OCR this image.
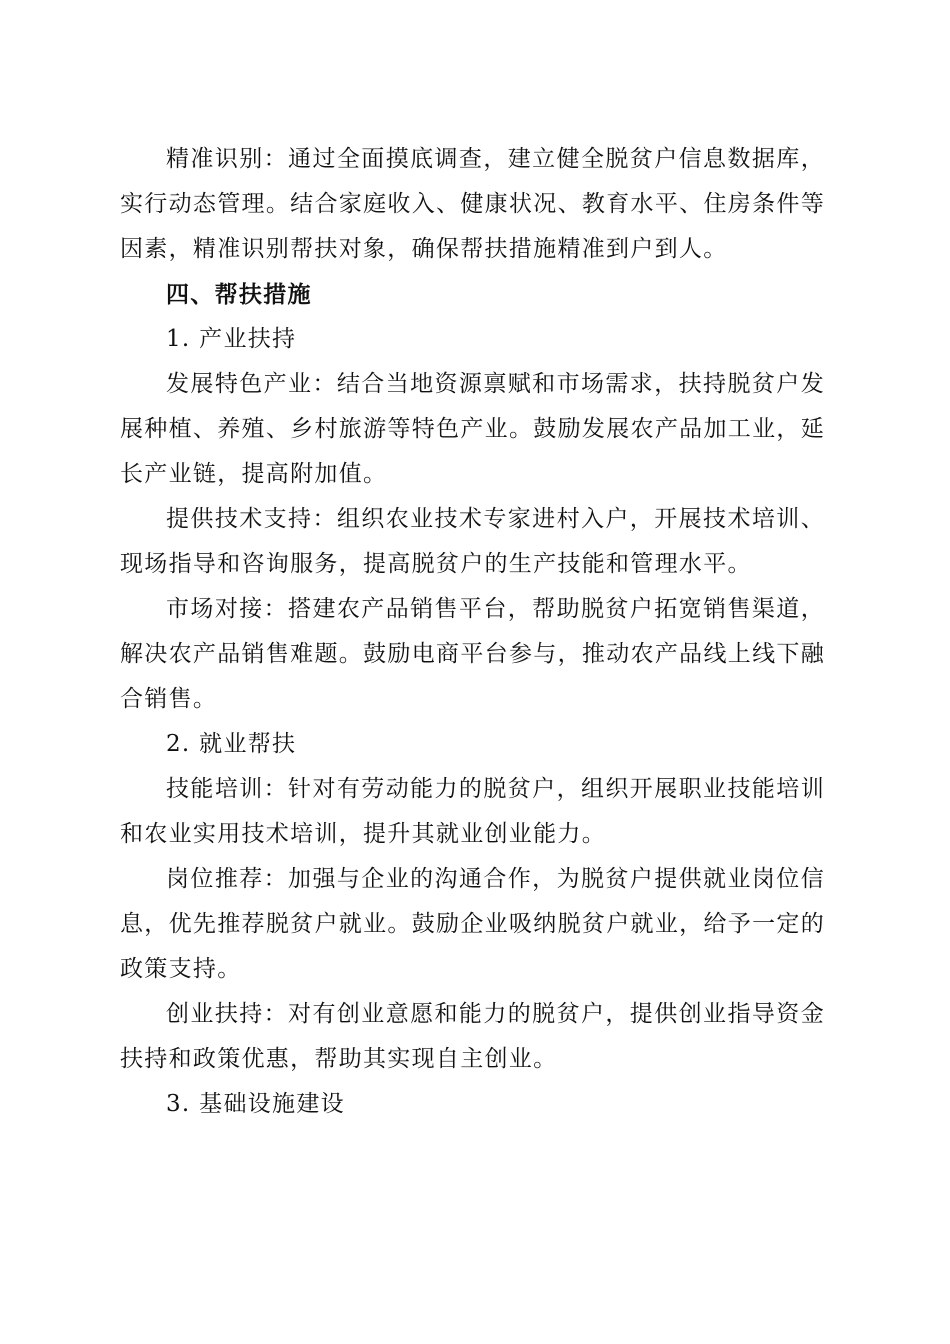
精准识别：通过全面摸底调查，建立健全脱贫户信息数据库，实行动态管理。结合家庭收入、健康状况、教育水平、住房条件等因素，精准识别帮扶对象，确保帮扶措施精准到户到人。

四、帮扶措施

1. 产业扶持

发展特色产业：结合当地资源禀赋和市场需求，扶持脱贫户发展种植、养殖、乡村旅游等特色产业。鼓励发展农产品加工业，延长产业链，提高附加值。

提供技术支持：组织农业技术专家进村入户，开展技术培训、现场指导和咨询服务，提高脱贫户的生产技能和管理水平。

市场对接：搭建农产品销售平台，帮助脱贫户拓宽销售渠道，解决农产品销售难题。鼓励电商平台参与，推动农产品线上线下融合销售。

2. 就业帮扶

技能培训：针对有劳动能力的脱贫户，组织开展职业技能培训和农业实用技术培训，提升其就业创业能力。

岗位推荐：加强与企业的沟通合作，为脱贫户提供就业岗位信息，优先推荐脱贫户就业。鼓励企业吸纳脱贫户就业，给予一定的政策支持。

创业扶持：对有创业意愿和能力的脱贫户，提供创业指导资金扶持和政策优惠，帮助其实现自主创业。

3. 基础设施建设
